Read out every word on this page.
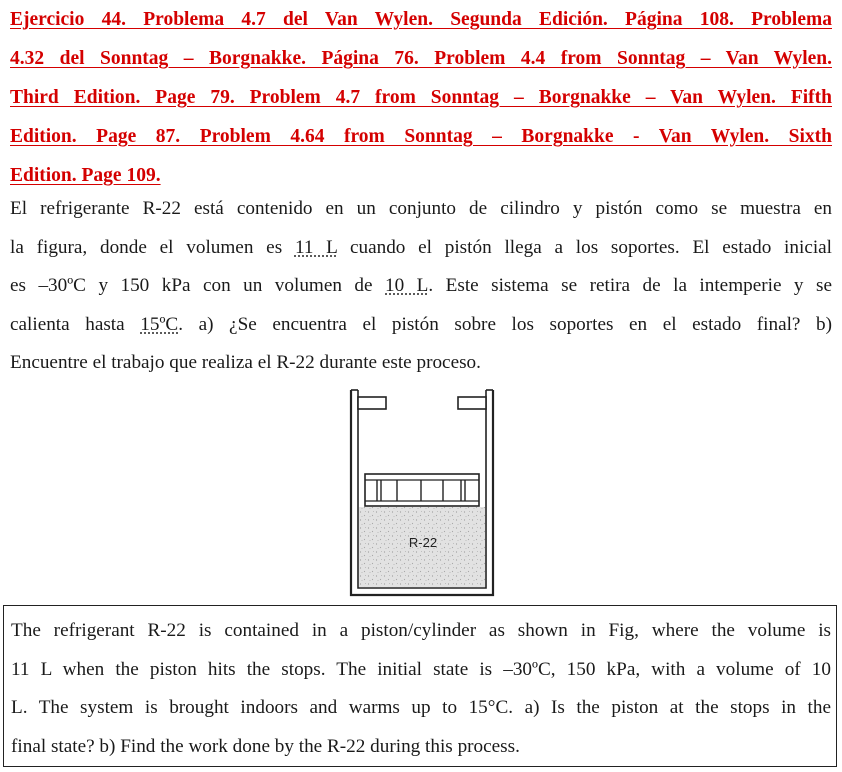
Ejercicio 44. Problema 4.7 del Van Wylen. Segunda Edición. Página 108. Problema
4.32 del Sonntag – Borgnakke. Página 76. Problem 4.4 from Sonntag – Van Wylen.
Third Edition. Page 79. Problem 4.7 from Sonntag – Borgnakke – Van Wylen. Fifth
Edition. Page 87. Problem 4.64 from Sonntag – Borgnakke - Van Wylen. Sixth
Edition. Page 109.
El refrigerante R-22 está contenido en un conjunto de cilindro y pistón como se muestra en
la figura, donde el volumen es 11 L cuando el pistón llega a los soportes. El estado inicial
es –30ºC y 150 kPa con un volumen de 10 L. Este sistema se retira de la intemperie y se
calienta hasta 15ºC. a) ¿Se encuentra el pistón sobre los soportes en el estado final? b)
Encuentre el trabajo que realiza el R-22 durante este proceso.
R-22
The refrigerant R-22 is contained in a piston/cylinder as shown in Fig, where the volume is
11 L when the piston hits the stops. The initial state is –30ºC, 150 kPa, with a volume of 10
L. The system is brought indoors and warms up to 15°C. a) Is the piston at the stops in the
final state? b) Find the work done by the R-22 during this process.
